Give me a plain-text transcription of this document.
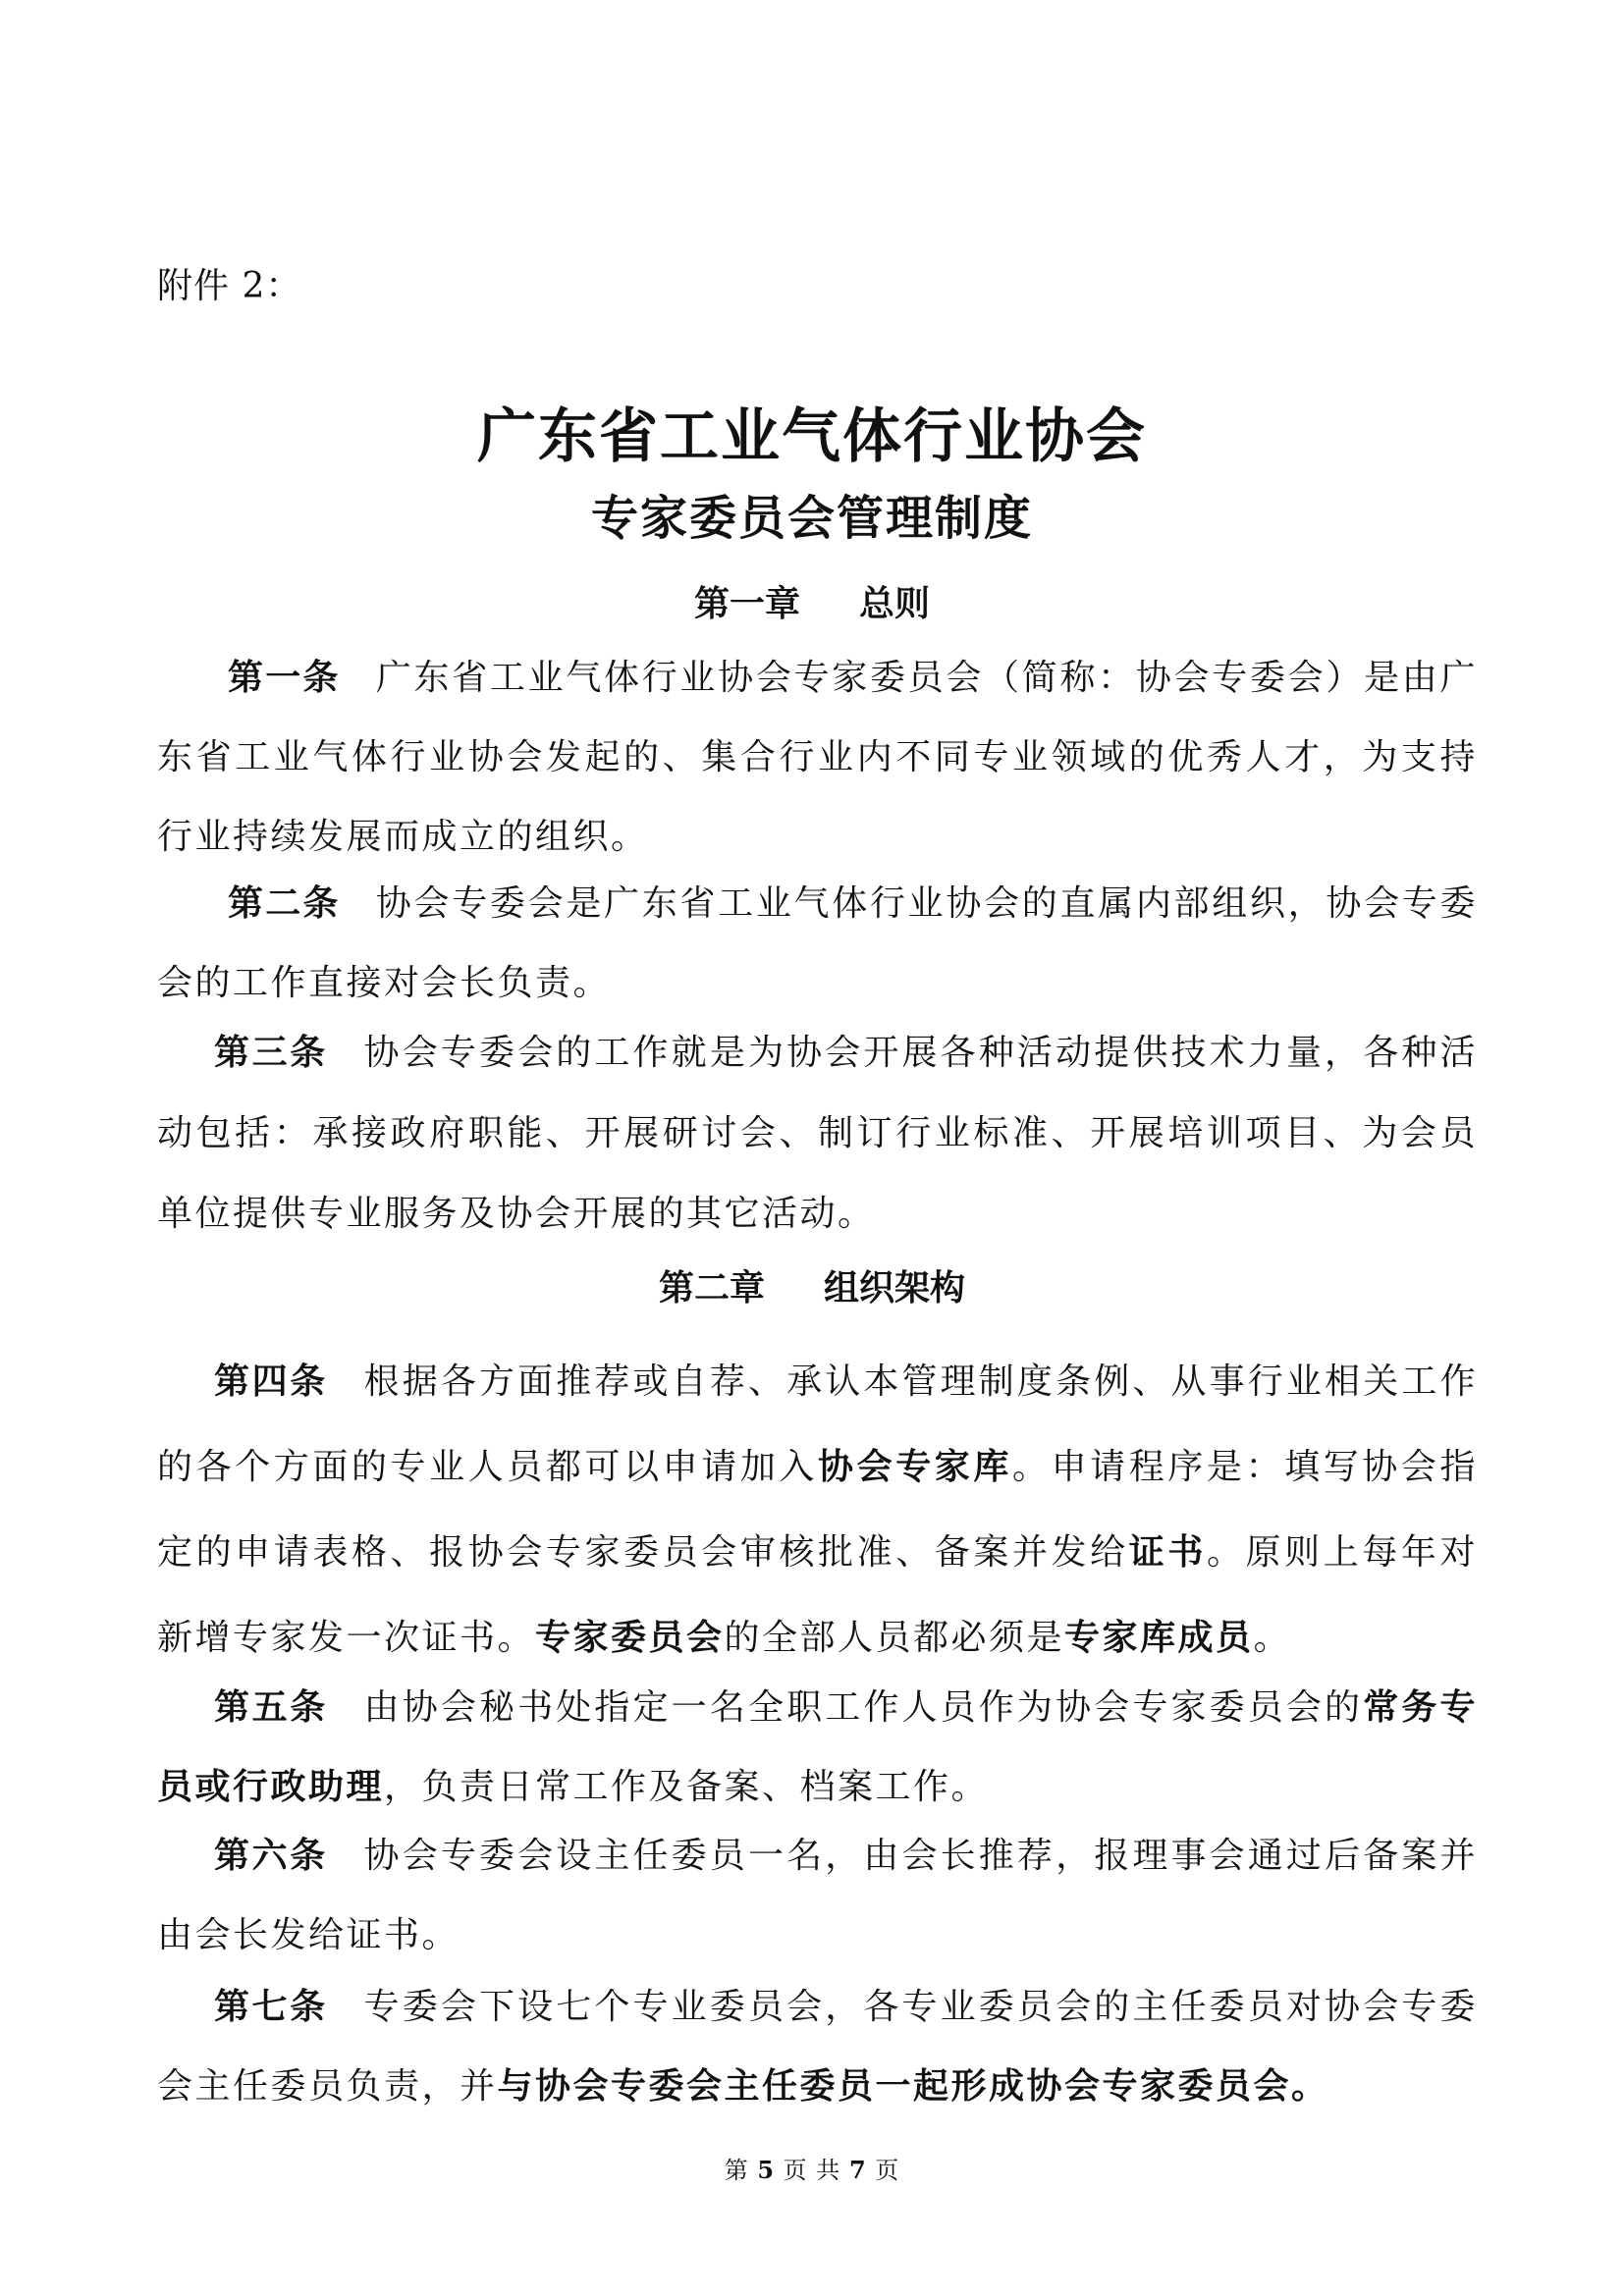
附件 2：
广东省工业气体行业协会
专家委员会管理制度
第一章 总则

第一条 广东省工业气体行业协会专家委员会（简称：协会专委会）是由广东省工业气体行业协会发起的、集合行业内不同专业领域的优秀人才，为支持行业持续发展而成立的组织。

第二条 协会专委会是广东省工业气体行业协会的直属内部组织，协会专委会的工作直接对会长负责。

第三条 协会专委会的工作就是为协会开展各种活动提供技术力量，各种活动包括：承接政府职能、开展研讨会、制订行业标准、开展培训项目、为会员单位提供专业服务及协会开展的其它活动。

第二章 组织架构

第四条 根据各方面推荐或自荐、承认本管理制度条例、从事行业相关工作的各个方面的专业人员都可以申请加入协会专家库。申请程序是：填写协会指定的申请表格、报协会专家委员会审核批准、备案并发给证书。原则上每年对新增专家发一次证书。专家委员会的全部人员都必须是专家库成员。

第五条 由协会秘书处指定一名全职工作人员作为协会专家委员会的常务专员或行政助理，负责日常工作及备案、档案工作。

第六条 协会专委会设主任委员一名，由会长推荐，报理事会通过后备案并由会长发给证书。

第七条 专委会下设七个专业委员会，各专业委员会的主任委员对协会专委会主任委员负责，并与协会专委会主任委员一起形成协会专家委员会。

第 5 页 共 7 页
